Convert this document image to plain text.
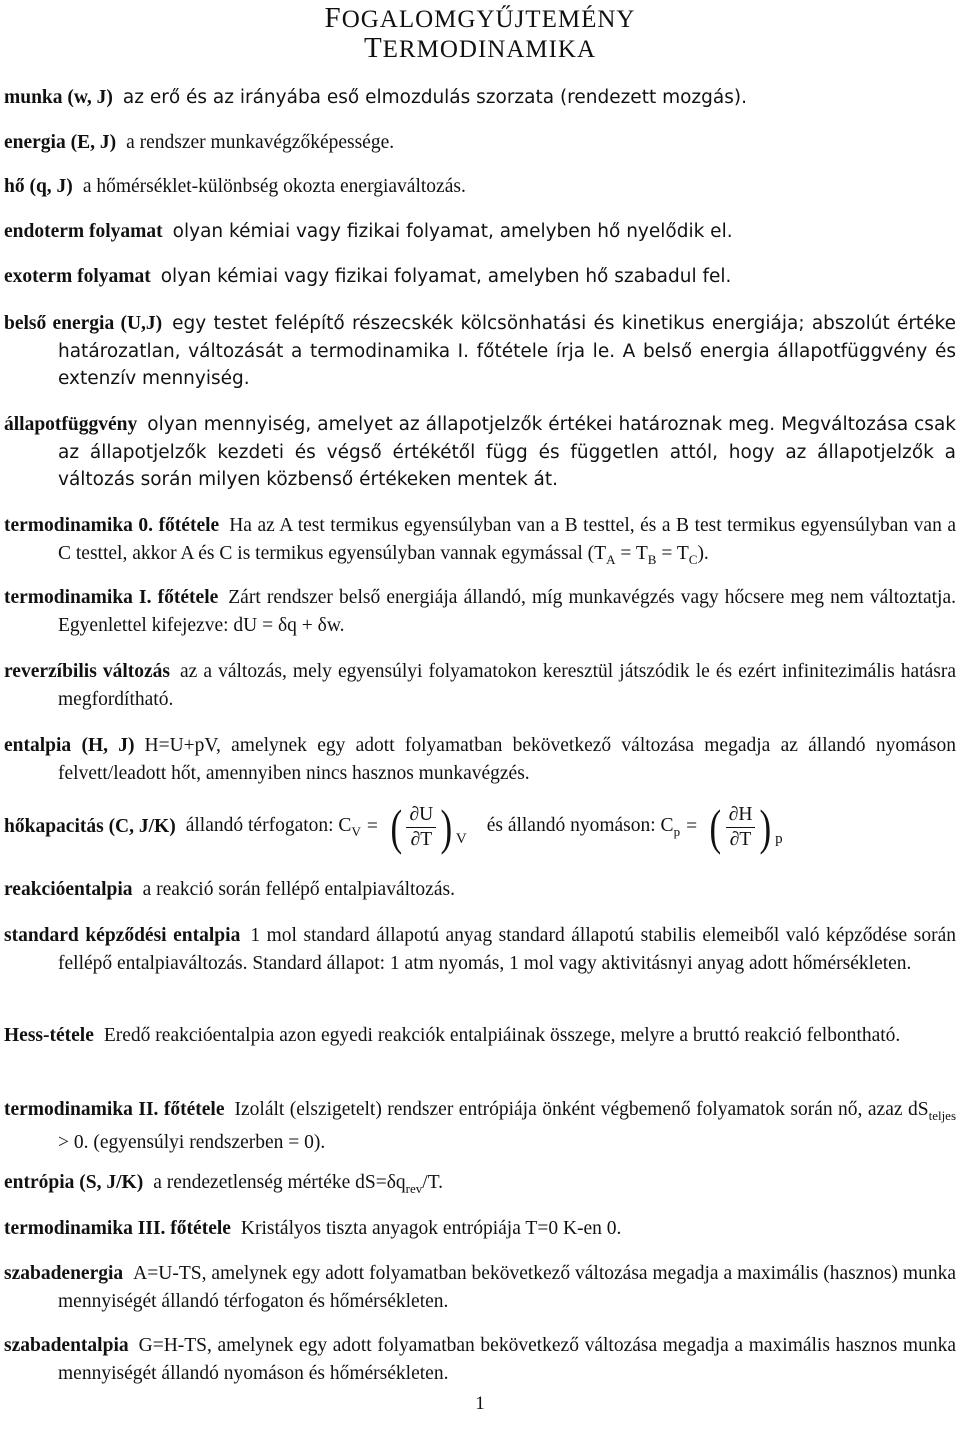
FOGALOMGYŰJTEMÉNY
TERMODINAMIKA

munka (w, J) az erő és az irányába eső elmozdulás szorzata (rendezett mozgás).

energia (E, J) a rendszer munkavégzőképessége.

hő (q, J) a hőmérséklet-különbség okozta energiaváltozás.

endoterm folyamat olyan kémiai vagy fizikai folyamat, amelyben hő nyelődik el.

exoterm folyamat olyan kémiai vagy fizikai folyamat, amelyben hő szabadul fel.

belső energia (U,J) egy testet felépítő részecskék kölcsönhatási és kinetikus energiája; abszolút értéke határozatlan, változását a termodinamika I. főtétele írja le. A belső energia állapotfüggvény és extenzív mennyiség.

állapotfüggvény olyan mennyiség, amelyet az állapotjelzők értékei határoznak meg. Megváltozása csak az állapotjelzők kezdeti és végső értékétől függ és független attól, hogy az állapotjelzők a változás során milyen közbenső értékeken mentek át.

termodinamika 0. főtétele Ha az A test termikus egyensúlyban van a B testtel, és a B test termikus egyensúlyban van a C testtel, akkor A és C is termikus egyensúlyban vannak egymással $(T_A = T_B = T_C)$.

termodinamika I. főtétele Zárt rendszer belső energiája állandó, míg munkavégzés vagy hőcsere meg nem változtatja. Egyenlettel kifejezve: dU = δq + δw.

reverzíbilis változás az a változás, mely egyensúlyi folyamatokon keresztül játszódik le és ezért infinitezimális hatásra megfordítható.

entalpia (H, J) H=U+pV, amelynek egy adott folyamatban bekövetkező változása megadja az állandó nyomáson felvett/leadott hőt, amennyiben nincs hasznos munkavégzés.

hőkapacitás (C, J/K) állandó térfogaton: $C_V$ = ( $\frac{\partial U}{\partial T}$ ) V
és állandó nyomáson: $C_p$ = ( $\frac{\partial H}{\partial T}$ ) p

reakcióentalpia a reakció során fellépő entalpiaváltozás.

standard képződési entalpia 1 mol standard állapotú anyag standard állapotú stabilis elemeiből való képződése során fellépő entalpiaváltozás. Standard állapot: 1 atm nyomás, 1 mol vagy aktivitásnyi anyag adott hőmérsékleten.

Hess-tétele Eredő reakcióentalpia azon egyedi reakciók entalpiáinak összege, melyre a bruttó reakció felbontható.

termodinamika II. főtétele Izolált (elszigetelt) rendszer entrópiája önként végbemenő folyamatok során nő, azaz $dS_{teljes} > 0$. (egyensúlyi rendszerben = 0).

entrópia (S, J/K) a rendezetlenség mértéke $dS=\delta q_{rev}/T$.

termodinamika III. főtétele Kristályos tiszta anyagok entrópiája T=0 K-en 0.

szabadenergia A=U-TS, amelynek egy adott folyamatban bekövetkező változása megadja a maximális (hasznos) munka mennyiségét állandó térfogaton és hőmérsékleten.

szabadentalpia G=H-TS, amelynek egy adott folyamatban bekövetkező változása megadja a maximális hasznos munka mennyiségét állandó nyomáson és hőmérsékleten.

1
